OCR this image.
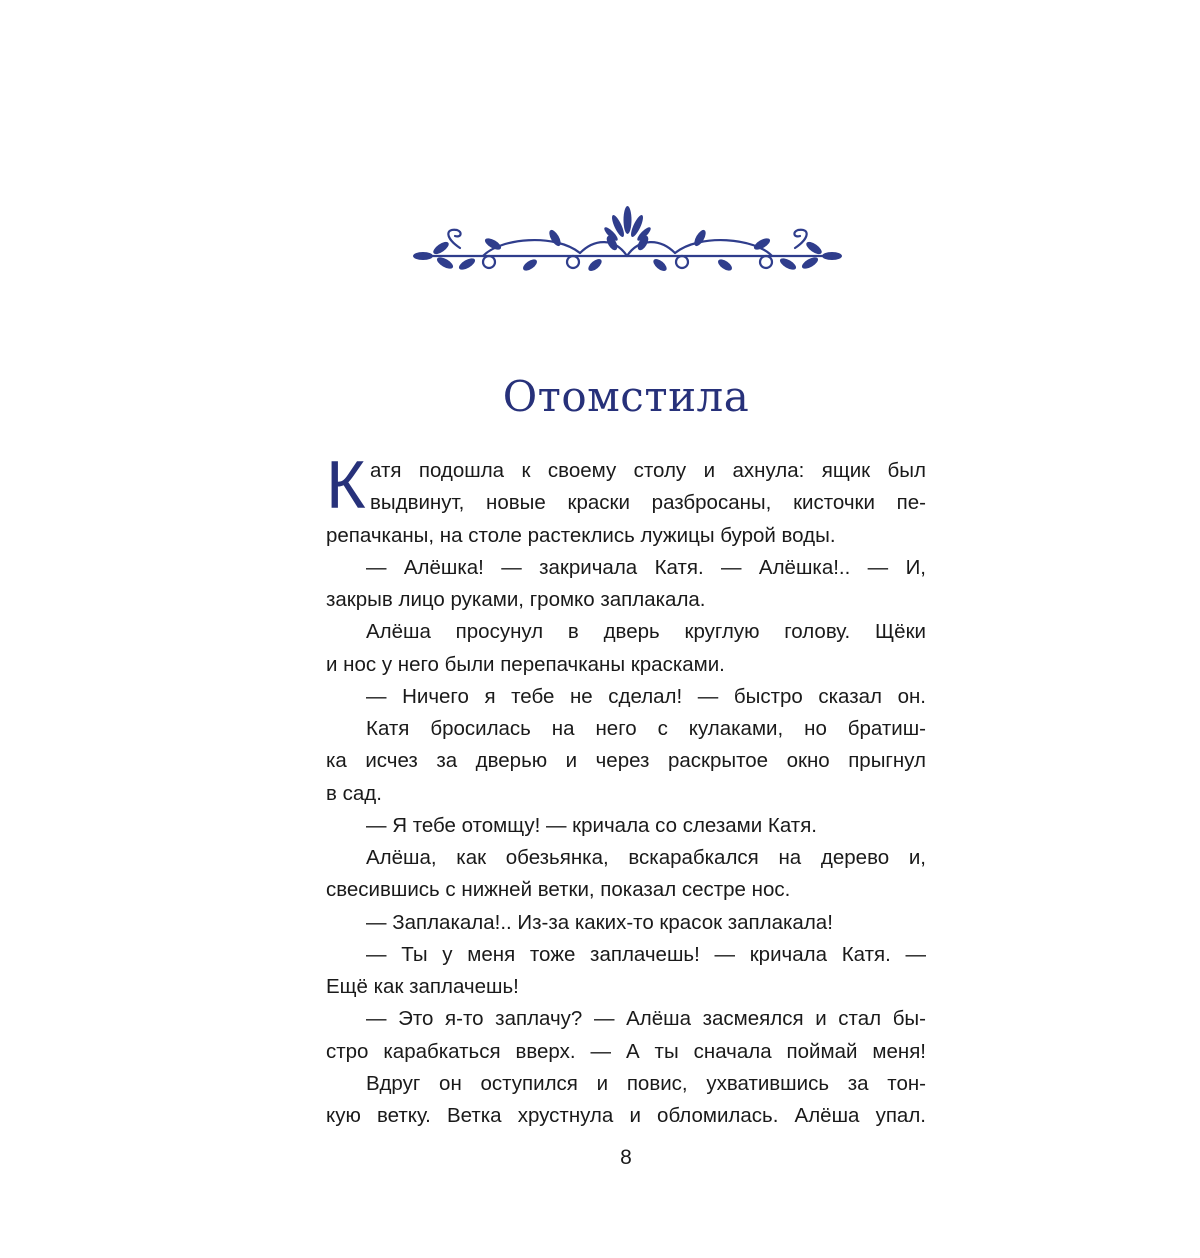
Отомстила
К атя подошла к своему столу и ахнула: ящик был
выдвинут, новые краски разбросаны, кисточки пе-
репачканы, на столе растеклись лужицы бурой воды.
— Алёшка! — закричала Катя. — Алёшка!.. — И,
закрыв лицо руками, громко заплакала.
Алёша просунул в дверь круглую голову. Щёки
и нос у него были перепачканы красками.
— Ничего я тебе не сделал! — быстро сказал он.
Катя бросилась на него с кулаками, но братиш-
ка исчез за дверью и через раскрытое окно прыгнул
в сад.
— Я тебе отомщу! — кричала со слезами Катя.
Алёша, как обезьянка, вскарабкался на дерево и,
свесившись с нижней ветки, показал сестре нос.
— Заплакала!.. Из-за каких-то красок заплакала!
— Ты у меня тоже заплачешь! — кричала Катя. —
Ещё как заплачешь!
— Это я-то заплачу? — Алёша засмеялся и стал бы-
стро карабкаться вверх. — А ты сначала поймай меня!
Вдруг он оступился и повис, ухватившись за тон-
кую ветку. Ветка хрустнула и обломилась. Алёша упал.
8
